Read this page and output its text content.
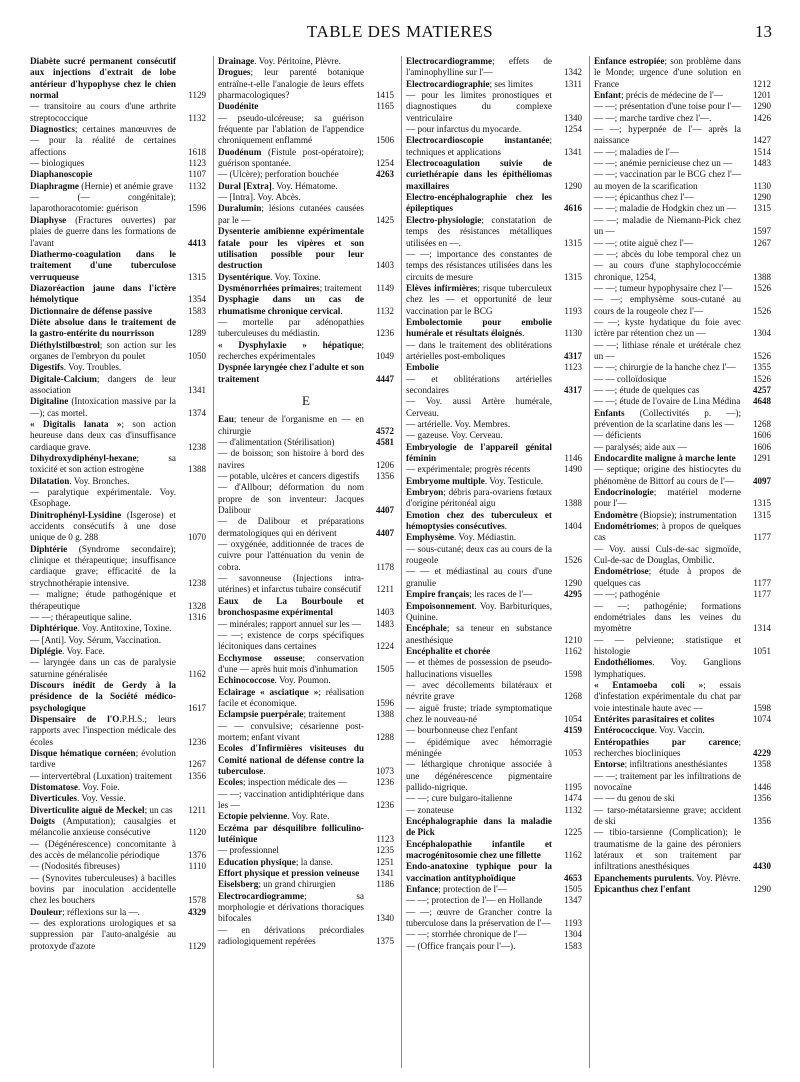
TABLE DES MATIERES	13
Diabète sucré permanent consécutif aux injections d'extrait de lobe antérieur d'hypophyse chez le chien normal	1129
— transitoire au cours d'une arthrite streptococcique	1132
Diagnostics; certaines manœuvres de — pour la réalité de certaines affections	1618
— biologiques	1123
Diaphanoscopie	1107
Diaphragme (Hernie) et anémie grave 1132
— (— congénitale); laparothoracotomie: guérison	1596
Diaphyse (Fractures ouvertes) par plaies de guerre dans les formations de l'avant	4413
Diathermo-coagulation dans le traitement d'une tuberculose verruqueuse	1315
Diazoréaction jaune dans l'ictère hémolytique	1354
Dictionnaire de défense passive	1583
Diète absolue dans le traitement de la gastro-entérite du nourrisson	1289
Diéthylstilbœstrol; son action sur les organes de l'embryon du poulet	1050
Digestifs. Voy. Troubles.
Digitale-Calcium; dangers de leur association	1341
Digitaline (Intoxication massive par la —); cas mortel.	1374
« Digitalis lanata »; son action heureuse dans deux cas d'insuffisance cardiaque grave.	1238
Dihydroxydiphényl-hexane; sa toxicité et son action estrogène	1388
Dilatation. Voy. Bronches.
— paralytique expérimentale. Voy. Œsophage.
Dinitrophényl-Lysidine (Isgerose) et accidents consécutifs à une dose unique de 0 g. 288	1070
Diphtérie (Syndrome secondaire); clinique et thérapeutique; insuffisance cardiaque grave; efficacité de la strychnothérapie intensive.	1238
— maligne; étude pathogénique et thérapeutique	1328
— —; thérapeutique saline.	1316
Diphtérique. Voy. Antitoxine, Toxine.
— [Anti]. Voy. Sérum, Vaccination.
Diplégie. Voy. Face.
— laryngée dans un cas de paralysie saturnine généralisée	1162
Discours inédit de Gerdy à la présidence de la Société médico-psychologique	1617
Dispensaire de l'O.P.H.S.; leurs rapports avec l'inspection médicale des écoles	1236
Disque hématique cornéen; évolution tardive	1267
— intervertébral (Luxation) traitement 1356
Distomatose. Voy. Foie.
Diverticules. Voy. Vessie.
Diverticulite aiguë de Meckel; un cas 1211
Doigts (Amputation); causalgies et mélancolie anxieuse consécutive	1120
— (Dégénérescence) concomitante à des accès de mélancolie périodique	1376
— (Nodosités fibreuses)	1110
— (Synovites tuberculeuses) à bacilles bovins par inoculation accidentelle chez les bouchers	1578
Douleur; réflexions sur la —.	4329
— des explorations urologiques et sa suppression par l'auto-analgésie au protoxyde d'azote	1129
Drainage. Voy. Péritoine, Plèvre.
Drogues; leur parenté botanique entraîne-t-elle l'analogie de leurs effets pharmacologiques?	1415
Duodénite	1165
— pseudo-ulcéreuse; sa guérison fréquente par l'ablation de l'appendice chroniquement enflammé	1506
Duodénum (Fistule post-opératoire); guérison spontanée.	1254
— (Ulcère); perforation bouchée	4263
Dural [Extra]. Voy. Hématome.
— [Intra]. Voy. Abcès.
Duralumin; lésions cutanées causées par le —	1425
Dysenterie amibienne expérimentale fatale pour les vipères et son utilisation possible pour leur destruction	1403
Dysentérique. Voy. Toxine.
Dysménorrhées primaires; traitement 1149
Dysphagie dans un cas de rhumatisme chronique cervical.	1132
— mortelle par adénopathies tuberculeuses du médiastin.	1236
« Dysphylaxie » hépatique; recherches expérimentales	1049
Dyspnée laryngée chez l'adulte et son traitement	4447
E
Eau; teneur de l'organisme en — en chirurgie	4572
— d'alimentation (Stérilisation)	4581
— de boisson; son histoire à bord des navires	1206
— potable, ulcères et cancers digestifs 1356
— d'Allbour; déformation du nom propre de son inventeur: Jacques Dalibour	4407
— de Dalibour et préparations dermatologiques qui en dérivent	4407
— oxygénée, additionnée de traces de cuivre pour l'atténuation du venin de cobra.	1178
— savonneuse (Injections intra-utérines) et infarctus tubaire consécutif 1211
Eaux de La Bourboule et bronchospasme expérimental	1403
— minérales; rapport annuel sur les — 1483
— —; existence de corps spécifiques lécitoniques dans certaines	1224
Ecchymose osseuse; conservation d'une — après huit mois d'inhumation 1505
Echinococcose. Voy. Poumon.
Eclairage « asciatique »; réalisation facile et économique.	1596
Eclampsie puerpérale; traitement	1388
— — convulsive; césarienne post-mortem; enfant vivant	1288
Ecoles d'Infirmières visiteuses du Comité national de défense contre la tuberculose.	1073
Ecoles; inspection médicale des —	1236
— —; vaccination antidiphtérique dans les —	1236
Ectopie pelvienne. Voy. Rate.
Eczéma par désquilibre folliculino-lutéinique	1123
— professionnel	1235
Education physique; la danse.	1251
Effort physique et pression veineuse 1341
Eiselsberg; un grand chirurgien	1186
Electrocardiogramme; sa morphologie et dérivations thoraciques bifocales	1340
— en dérivations précordiales radiologiquement repérées	1375
Electrocardiogramme; effets de l'aminophylline sur l'—	1342
Electrocardiographie; ses limites	1311
— pour les limites pronostiques et diagnostiques du complexe ventriculaire	1340
— pour infarctus du myocarde.	1254
Electrocardioscopie instantanée; techniques et applications	1341
Electrocoagulation suivie de curiethérapie dans les épithéliomas maxillaires	1290
Electro-encéphalographie chez les épileptiques	4616
Electro-physiologie; constatation de temps des résistances métalliques utilisées en —.	1315
— —; importance des constantes de temps des résistances utilisées dans les circuits de mesure	1315
Elèves infirmières; risque tuberculeux chez les — et opportunité de leur vaccination par le BCG	1193
Embolectomie pour embolie humérale et résultats éloignés.	1130
— dans le traitement des oblitérations artérielles post-emboliques	4317
Embolie	1123
— et oblitérations artérielles secondaires	4317
— Voy. aussi Artère humérale, Cerveau.
— artérielle. Voy. Membres.
— gazeuse. Voy. Cerveau.
Embryologie de l'appareil génital féminin	1146
— expérimentale; progrès récents	1490
Embryome multiple. Voy. Testicule.
Embryon; débris para-ovariens fœtaux d'origine péritonéal aigu	1388
Emotion chez des tuberculeux et hémoptysies consécutives.	1404
Emphysème. Voy. Médiastin.
— sous-cutané; deux cas au cours de la rougeole	1526
— — et médiastinal au cours d'une granulie	1290
Empire français; les races de l'—	4295
Empoisonnement. Voy. Barbituriques, Quinine.
Encéphale; sa teneur en substance anesthésique	1210
Encéphalite et chorée	1162
— et thèmes de possession de pseudo-hallucinations visuelles	1598
— avec décollements bilatéraux et névrite grave	1268
— aiguë fruste; triade symptomatique chez le nouveau-né	1054
— bourbonneuse chez l'enfant	4159
— épidémique avec hémorragie méningée	1053
— léthargique chronique associée à une dégénérescence pigmentaire pallido-nigrique.	1195
— —; cure bulgaro-italienne	1474
— zonateuse	1132
Encéphalographie dans la maladie de Pick	1225
Encéphalopathie infantile et macrogénitosomie chez une fillette	1162
Endo-anatoxine typhique pour la vaccination antityphoïdique	4653
Enfance; protection de l'—	1505
— —; protection de l'— en Hollande 1347
— —; œuvre de Grancher contre la tuberculose dans la préservation de l'— 1193
— —; storrhée chronique de l'—	1304
— (Office français pour l'—).	1583
Enfance estropiée; son problème dans le Monde; urgence d'une solution en France	1212
Enfant; précis de médecine de l'—	1201
— —; présentation d'une toise pour l'— 1290
— —; marche tardive chez l'—.	1426
— —; hyperpnée de l'— après la naissance	1427
— —; maladies de l'—	1514
— —; anémie pernicieuse chez un — 1483
— —; vaccination par le BCG chez l'— au moyen de la scarification	1130
— —; épicanthus chez l'—	1290
— —; maladie de Hodgkin chez un — 1315
— —; maladie de Niemann-Pick chez un —	1597
— —; otite aiguë chez l'—	1267
— —; abcès du lobe temporal chez un — au cours d'une staphylococcémie chronique, 1254,	1388
— —; tumeur hypophysaire chez l'— 1526
— —; emphysème sous-cutané au cours de la rougeole chez l'—	1526
— —; kyste hydatique du foie avec ictère par rétention chez un —	1304
— —; lithiase rénale et urétérale chez un —	1526
— —; chirurgie de la hanche chez l'— 1355
— — colloïdosique	1526
— —; étude de quelques cas	4257
— —; étude de l'ovaire de Lina Médina 4648
Enfants (Collectivités p. —); prévention de la scarlatine dans les — 1268
— déficients	1606
— paralysés; aide aux —	1606
Endocardite maligne à marche lente 1291
— septique; origine des histiocytes du phénomène de Bittorf au cours de l'— 4097
Endocrinologie; matériel moderne pour l'—	1315
Endomètre (Biopsie); instrumentation 1315
Endométriomes; à propos de quelques cas	1177
— Voy. aussi Culs-de-sac sigmoïde, Cul-de-sac de Douglas, Ombilic.
Endométriose; étude à propos de quelques cas	1177
— —; pathogénie	1177
— —; pathogénie; formations endométriales dans les veines du myomètre	1314
— — pelvienne; statistique et histologie	1051
Endothéliomes. Voy. Ganglions lymphatiques.
« Entamoeba coli »; essais d'infestation expérimentale du chat par voie intestinale haute avec —	1598
Entérites parasitaires et colites	1074
Entérococcique. Voy. Vaccin.
Entéropathies par carence; recherches biocliniques	4229
Entorse; infiltrations anesthésiantes	1358
— —; traitement par les infiltrations de novocaïne	1446
— — du genou de ski	1356
— tarso-métatarsienne grave; accident de ski	1356
— tibio-tarsienne (Complication); le traumatisme de la gaine des péroniers latéraux et son traitement par infiltrations anesthésiques	4430
Epanchements purulents. Voy. Plèvre.
Epicanthus chez l'enfant	1290
